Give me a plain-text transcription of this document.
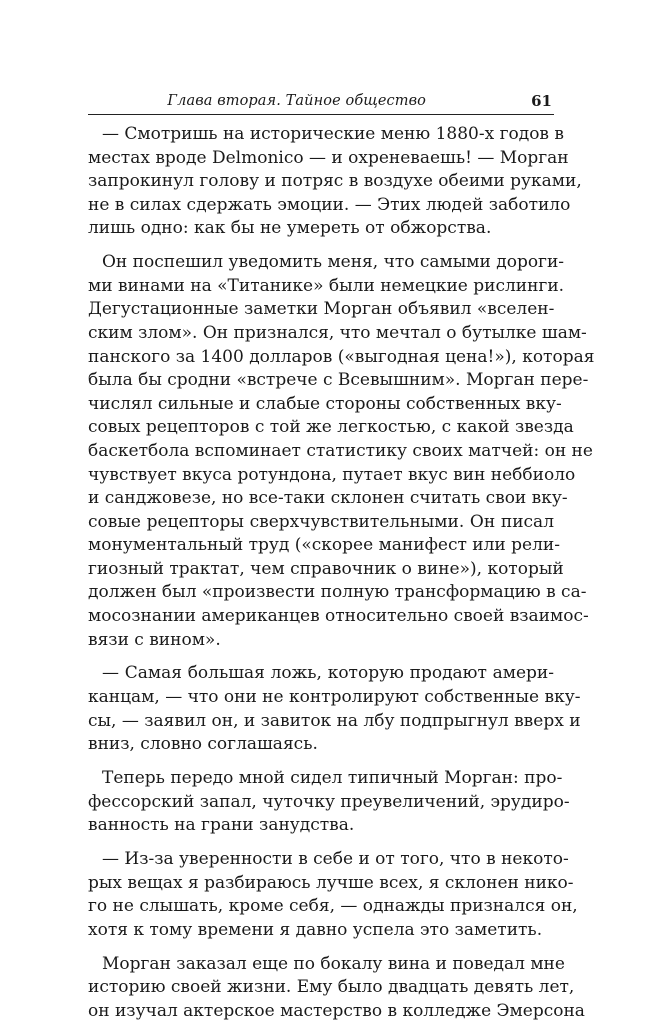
Глава вторая. Тайное общество	61

— Смотришь на исторические меню 1880-х годов в
местах вроде Delmonico — и охреневаешь! — Морган
запрокинул голову и потряс в воздухе обеими руками,
не в силах сдержать эмоции. — Этих людей заботило
лишь одно: как бы не умереть от обжорства.

Он поспешил уведомить меня, что самыми дороги-
ми винами на «Титанике» были немецкие рислинги.
Дегустационные заметки Морган объявил «вселен-
ским злом». Он признался, что мечтал о бутылке шам-
панского за 1400 долларов («выгодная цена!»), которая
была бы сродни «встрече с Всевышним». Морган пере-
числял сильные и слабые стороны собственных вку-
совых рецепторов с той же легкостью, с какой звезда
баскетбола вспоминает статистику своих матчей: он не
чувствует вкуса ротундона, путает вкус вин неббиоло
и санджовезе, но все-таки склонен считать свои вку-
совые рецепторы сверхчувствительными. Он писал
монументальный труд («скорее манифест или рели-
гиозный трактат, чем справочник о вине»), который
должен был «произвести полную трансформацию в са-
мосознании американцев относительно своей взаимос-
вязи с вином».

— Самая большая ложь, которую продают амери-
канцам, — что они не контролируют собственные вку-
сы, — заявил он, и завиток на лбу подпрыгнул вверх и
вниз, словно соглашаясь.

Теперь передо мной сидел типичный Морган: про-
фессорский запал, чуточку преувеличений, эрудиро-
ванность на грани занудства.

— Из-за уверенности в себе и от того, что в некото-
рых вещах я разбираюсь лучше всех, я склонен нико-
го не слышать, кроме себя, — однажды признался он,
хотя к тому времени я давно успела это заметить.

Морган заказал еще по бокалу вина и поведал мне
историю своей жизни. Ему было двадцать девять лет,
он изучал актерское мастерство в колледже Эмерсона
